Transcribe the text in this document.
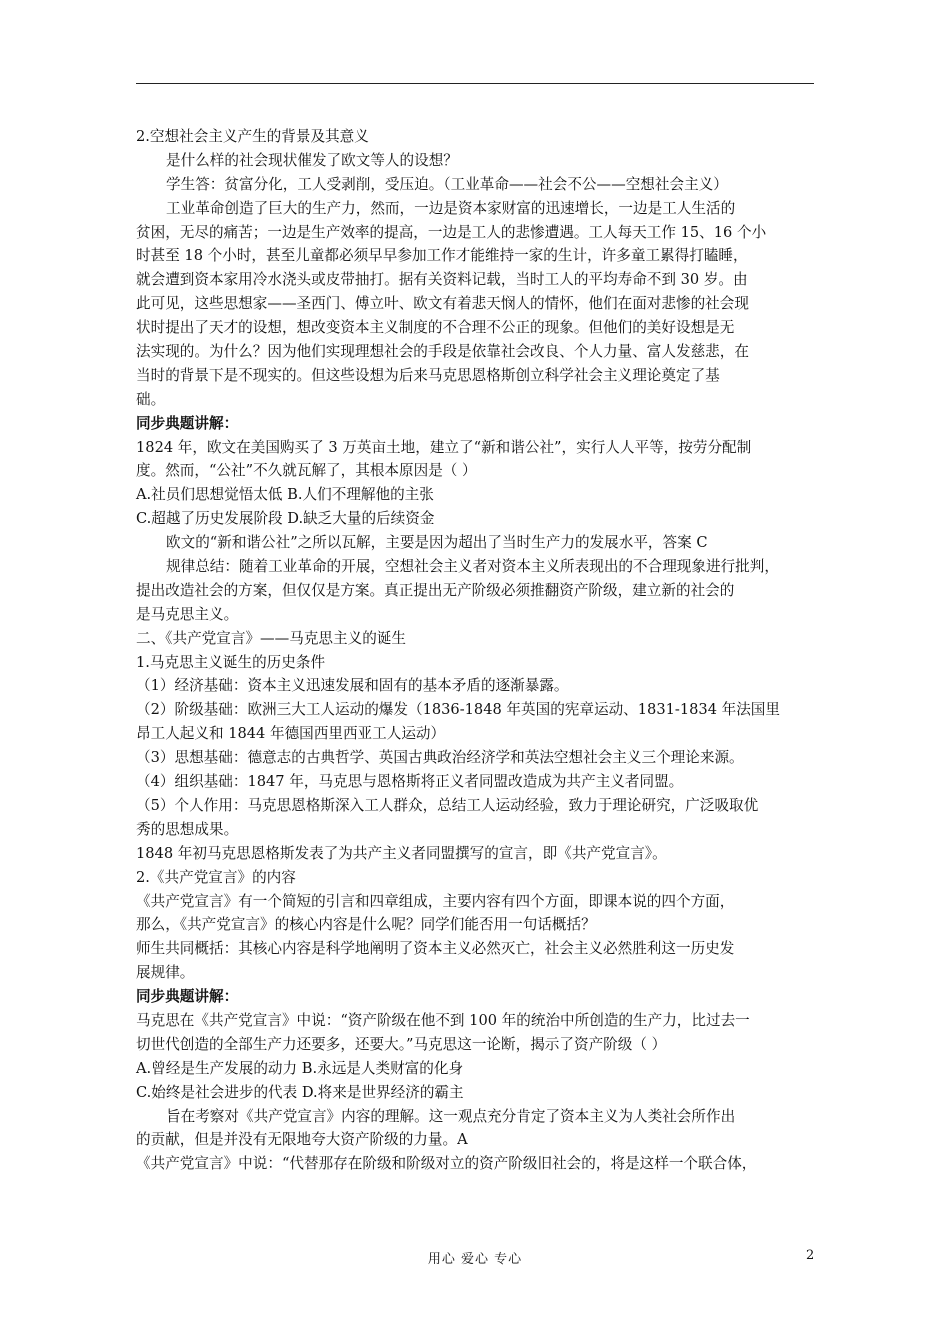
2.空想社会主义产生的背景及其意义
是什么样的社会现状催发了欧文等人的设想？
学生答：贫富分化，工人受剥削，受压迫。（工业革命——社会不公——空想社会主义）
工业革命创造了巨大的生产力，然而，一边是资本家财富的迅速增长，一边是工人生活的
贫困，无尽的痛苦；一边是生产效率的提高，一边是工人的悲惨遭遇。工人每天工作 15、16 个小
时甚至 18 个小时，甚至儿童都必须早早参加工作才能维持一家的生计，许多童工累得打瞌睡，
就会遭到资本家用冷水浇头或皮带抽打。据有关资料记载，当时工人的平均寿命不到 30 岁。由
此可见，这些思想家——圣西门、傅立叶、欧文有着悲天悯人的情怀，他们在面对悲惨的社会现
状时提出了天才的设想，想改变资本主义制度的不合理不公正的现象。但他们的美好设想是无
法实现的。为什么？因为他们实现理想社会的手段是依靠社会改良、个人力量、富人发慈悲，在
当时的背景下是不现实的。但这些设想为后来马克思恩格斯创立科学社会主义理论奠定了基
础。
同步典题讲解：
1824 年，欧文在美国购买了 3 万英亩土地，建立了“新和谐公社”，实行人人平等，按劳分配制
度。然而，“公社”不久就瓦解了，其根本原因是（ ）
A.社员们思想觉悟太低 B.人们不理解他的主张
C.超越了历史发展阶段 D.缺乏大量的后续资金
欧文的“新和谐公社”之所以瓦解，主要是因为超出了当时生产力的发展水平，答案 C
规律总结：随着工业革命的开展，空想社会主义者对资本主义所表现出的不合理现象进行批判，
提出改造社会的方案，但仅仅是方案。真正提出无产阶级必须推翻资产阶级，建立新的社会的
是马克思主义。
二、《共产党宣言》——马克思主义的诞生
1.马克思主义诞生的历史条件
（1）经济基础：资本主义迅速发展和固有的基本矛盾的逐渐暴露。
（2）阶级基础：欧洲三大工人运动的爆发（1836-1848 年英国的宪章运动、1831-1834 年法国里
昂工人起义和 1844 年德国西里西亚工人运动）
（3）思想基础：德意志的古典哲学、英国古典政治经济学和英法空想社会主义三个理论来源。
（4）组织基础：1847 年，马克思与恩格斯将正义者同盟改造成为共产主义者同盟。
（5）个人作用：马克思恩格斯深入工人群众，总结工人运动经验，致力于理论研究，广泛吸取优
秀的思想成果。
1848 年初马克思恩格斯发表了为共产主义者同盟撰写的宣言，即《共产党宣言》。
2.《共产党宣言》的内容
《共产党宣言》有一个简短的引言和四章组成，主要内容有四个方面，即课本说的四个方面，
那么，《共产党宣言》的核心内容是什么呢？同学们能否用一句话概括？
师生共同概括：其核心内容是科学地阐明了资本主义必然灭亡，社会主义必然胜利这一历史发
展规律。
同步典题讲解：
马克思在《共产党宣言》中说：“资产阶级在他不到 100 年的统治中所创造的生产力，比过去一
切世代创造的全部生产力还要多，还要大。”马克思这一论断，揭示了资产阶级（ ）
A.曾经是生产发展的动力 B.永远是人类财富的化身
C.始终是社会进步的代表 D.将来是世界经济的霸主
旨在考察对《共产党宣言》内容的理解。这一观点充分肯定了资本主义为人类社会所作出
的贡献，但是并没有无限地夸大资产阶级的力量。A
《共产党宣言》中说：“代替那存在阶级和阶级对立的资产阶级旧社会的，将是这样一个联合体，
用心 爱心 专心	2
